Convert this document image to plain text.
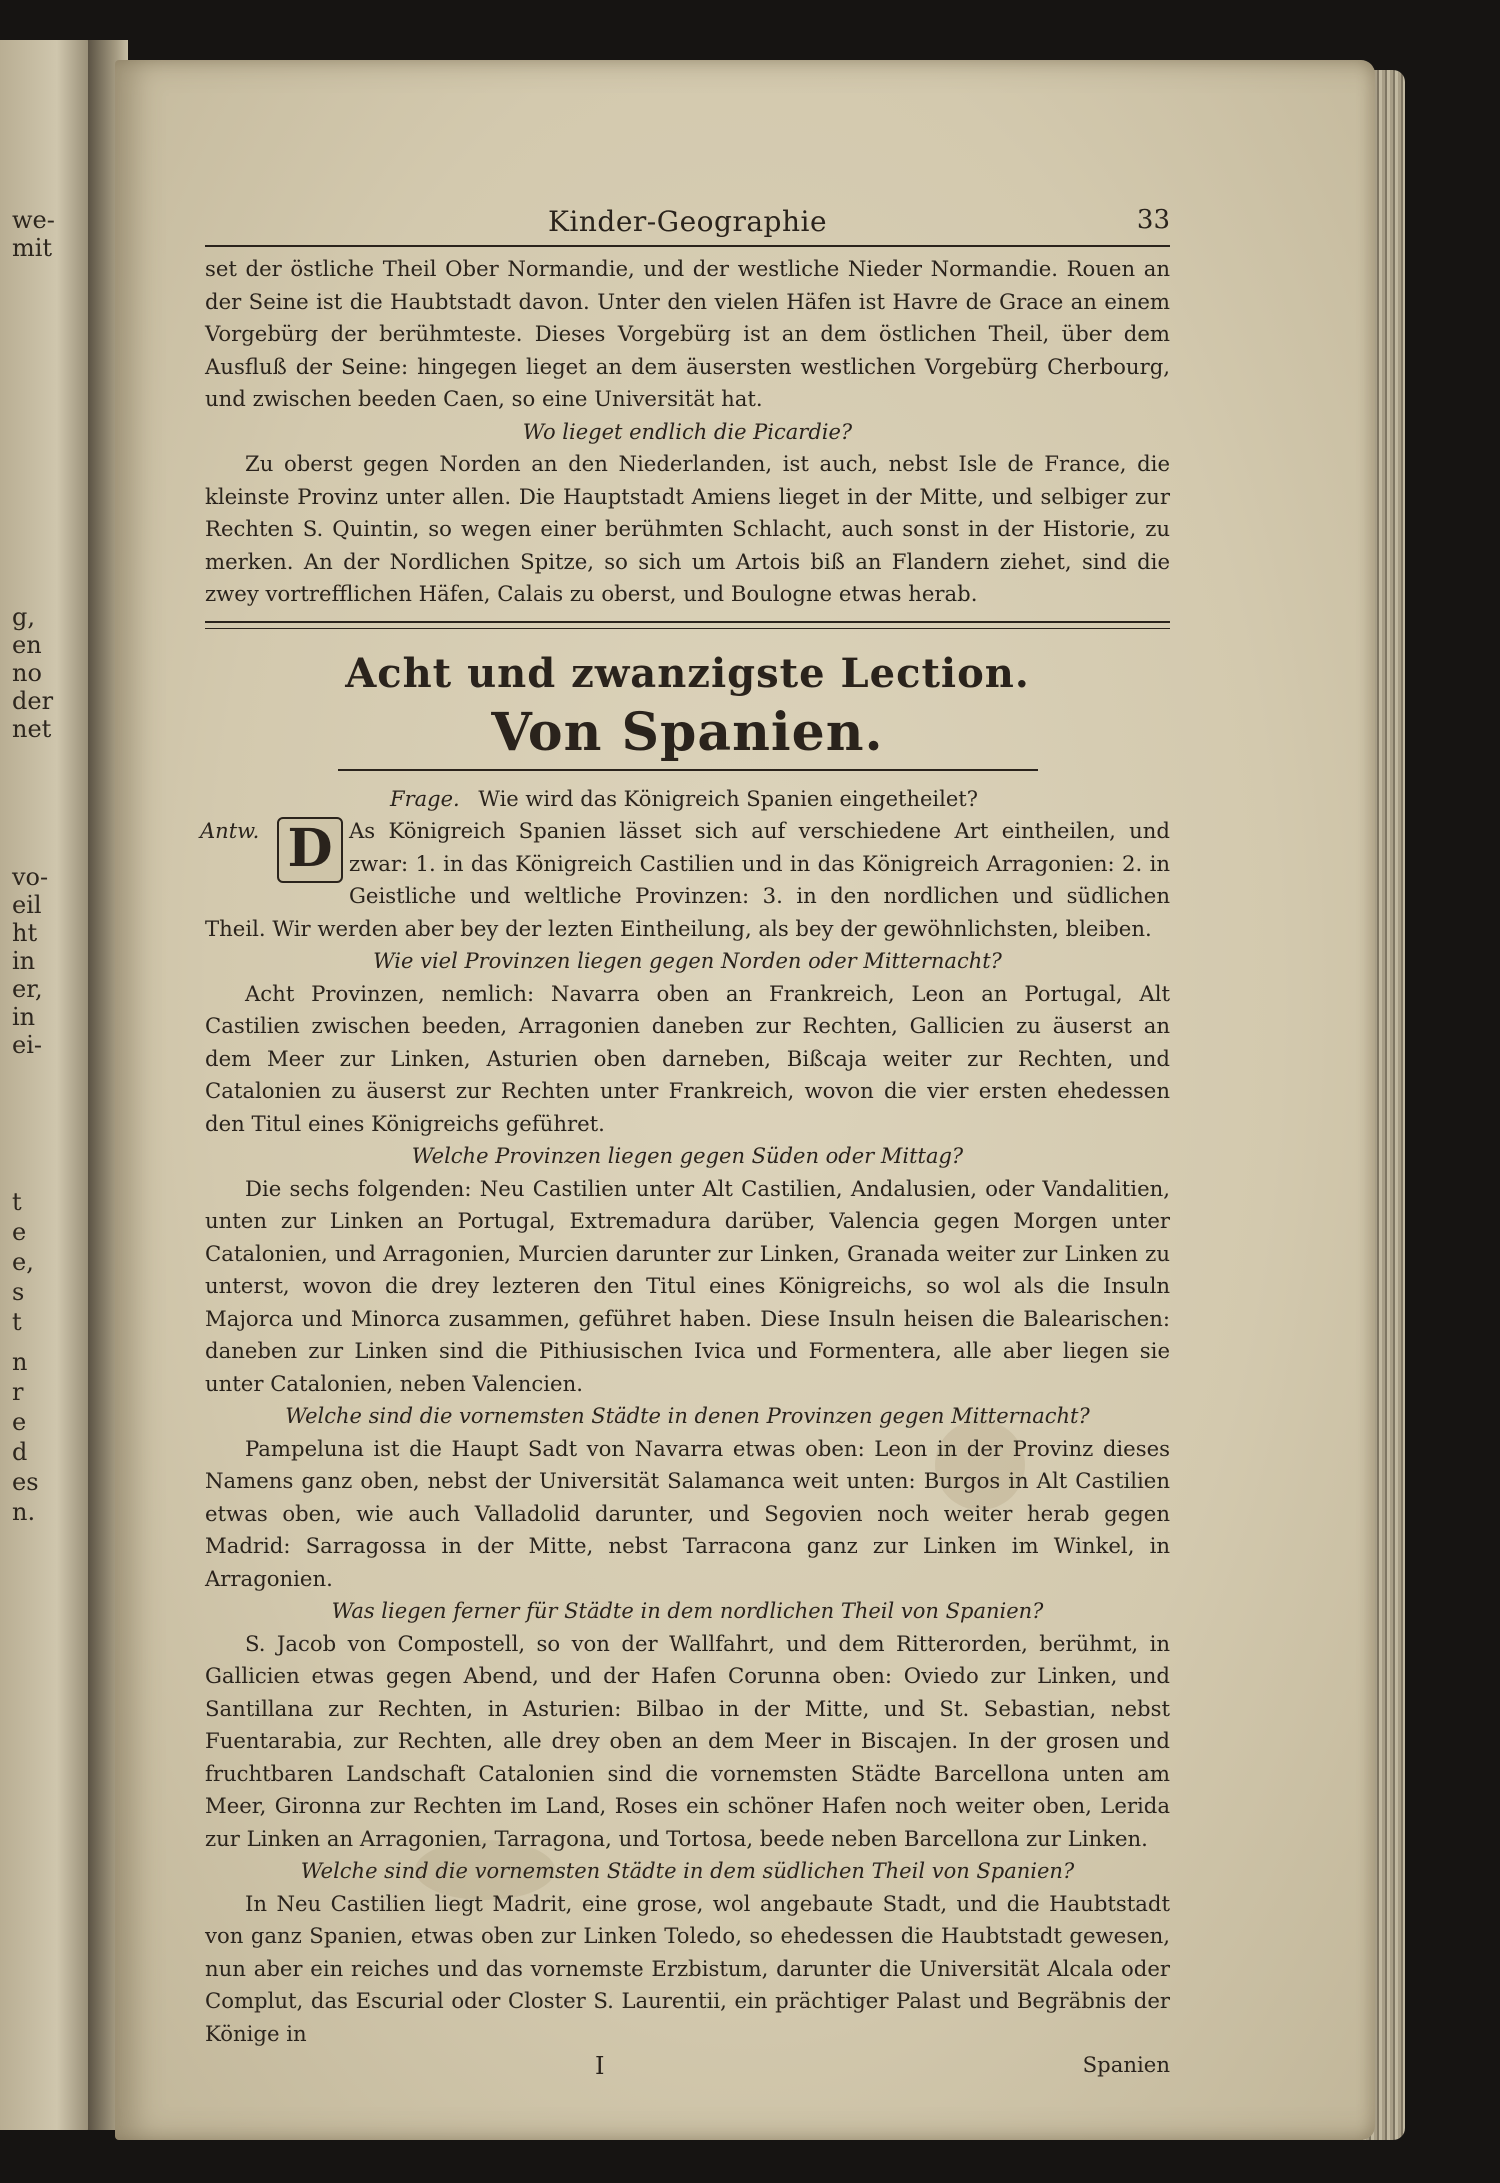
we-
mit
g,
en
no
der
net
vo-
eil
ht
in
er,
in
ei-
t
e
e,
s
t
n
r
e
d
es
n.
Kinder-Geographie	33

set der östliche Theil Ober Normandie, und der westliche Nieder Normandie. Rouen an der Seine ist die Haubtstadt davon. Unter den vielen Häfen ist Havre de Grace an einem Vorgebürg der berühmteste. Dieses Vorgebürg ist an dem östlichen Theil, über dem Ausfluß der Seine: hingegen lieget an dem äusersten westlichen Vorgebürg Cherbourg, und zwischen beeden Caen, so eine Universität hat.

Wo lieget endlich die Picardie?

Zu oberst gegen Norden an den Niederlanden, ist auch, nebst Isle de France, die kleinste Provinz unter allen. Die Hauptstadt Amiens lieget in der Mitte, und selbiger zur Rechten S. Quintin, so wegen einer berühmten Schlacht, auch sonst in der Historie, zu merken. An der Nordlichen Spitze, so sich um Artois biß an Flandern ziehet, sind die zwey vortrefflichen Häfen, Calais zu oberst, und Boulogne etwas herab.

Acht und zwanzigste Lection.
Von Spanien.
Frage. Wie wird das Königreich Spanien eingetheilet?
Antw. D As Königreich Spanien lässet sich auf verschiedene Art eintheilen, und zwar: 1. in das Königreich Castilien und in das Königreich Arragonien: 2. in Geistliche und weltliche Provinzen: 3. in den nordlichen und südlichen Theil. Wir werden aber bey der lezten Eintheilung, als bey der gewöhnlichsten, bleiben.

Wie viel Provinzen liegen gegen Norden oder Mitternacht?

Acht Provinzen, nemlich: Navarra oben an Frankreich, Leon an Portugal, Alt Castilien zwischen beeden, Arragonien daneben zur Rechten, Gallicien zu äuserst an dem Meer zur Linken, Asturien oben darneben, Bißcaja weiter zur Rechten, und Catalonien zu äuserst zur Rechten unter Frankreich, wovon die vier ersten ehedessen den Titul eines Königreichs geführet.

Welche Provinzen liegen gegen Süden oder Mittag?

Die sechs folgenden: Neu Castilien unter Alt Castilien, Andalusien, oder Vandalitien, unten zur Linken an Portugal, Extremadura darüber, Valencia gegen Morgen unter Catalonien, und Arragonien, Murcien darunter zur Linken, Granada weiter zur Linken zu unterst, wovon die drey lezteren den Titul eines Königreichs, so wol als die Insuln Majorca und Minorca zusammen, geführet haben. Diese Insuln heisen die Balearischen: daneben zur Linken sind die Pithiusischen Ivica und Formentera, alle aber liegen sie unter Catalonien, neben Valencien.

Welche sind die vornemsten Städte in denen Provinzen gegen Mitternacht?

Pampeluna ist die Haupt Sadt von Navarra etwas oben: Leon in der Provinz dieses Namens ganz oben, nebst der Universität Salamanca weit unten: Burgos in Alt Castilien etwas oben, wie auch Valladolid darunter, und Segovien noch weiter herab gegen Madrid: Sarragossa in der Mitte, nebst Tarracona ganz zur Linken im Winkel, in Arragonien.

Was liegen ferner für Städte in dem nordlichen Theil von Spanien?

S. Jacob von Compostell, so von der Wallfahrt, und dem Ritterorden, berühmt, in Gallicien etwas gegen Abend, und der Hafen Corunna oben: Oviedo zur Linken, und Santillana zur Rechten, in Asturien: Bilbao in der Mitte, und St. Sebastian, nebst Fuentarabia, zur Rechten, alle drey oben an dem Meer in Biscajen. In der grosen und fruchtbaren Landschaft Catalonien sind die vornemsten Städte Barcellona unten am Meer, Gironna zur Rechten im Land, Roses ein schöner Hafen noch weiter oben, Lerida zur Linken an Arragonien, Tarragona, und Tortosa, beede neben Barcellona zur Linken.

Welche sind die vornemsten Städte in dem südlichen Theil von Spanien?

In Neu Castilien liegt Madrit, eine grose, wol angebaute Stadt, und die Haubtstadt von ganz Spanien, etwas oben zur Linken Toledo, so ehedessen die Haubtstadt gewesen, nun aber ein reiches und das vornemste Erzbistum, darunter die Universität Alcala oder Complut, das Escurial oder Closter S. Laurentii, ein prächtiger Palast und Begräbnis der Könige in

I	Spanien
